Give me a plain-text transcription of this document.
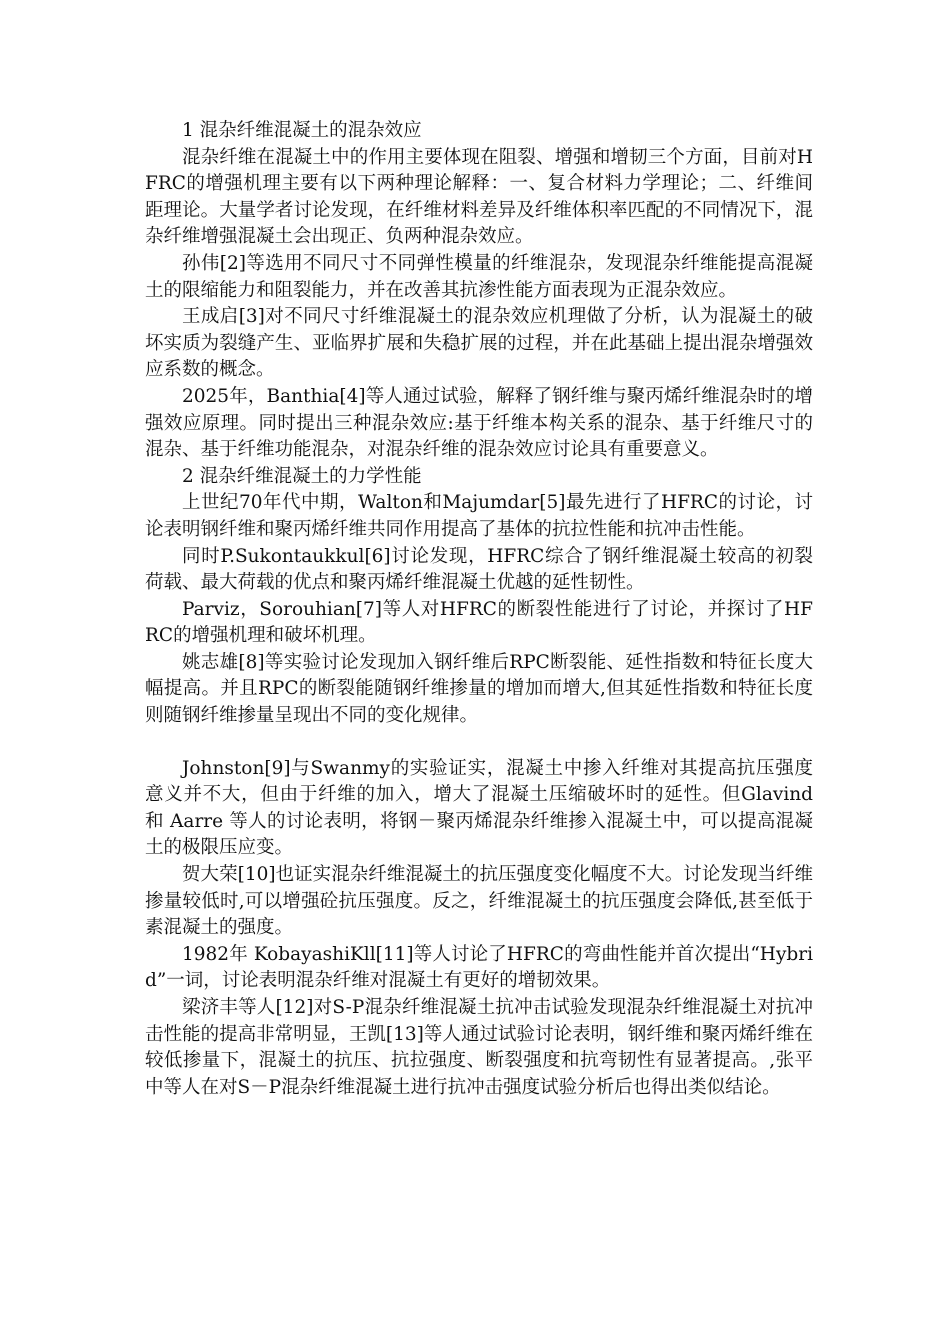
1 混杂纤维混凝土的混杂效应

混杂纤维在混凝土中的作用主要体现在阻裂、增强和增韧三个方面，目前对HFRC的增强机理主要有以下两种理论解释：一、复合材料力学理论；二、纤维间距理论。大量学者讨论发现，在纤维材料差异及纤维体积率匹配的不同情况下，混杂纤维增强混凝土会出现正、负两种混杂效应。

孙伟[2]等选用不同尺寸不同弹性模量的纤维混杂，发现混杂纤维能提高混凝土的限缩能力和阻裂能力，并在改善其抗渗性能方面表现为正混杂效应。

王成启[3]对不同尺寸纤维混凝土的混杂效应机理做了分析，认为混凝土的破坏实质为裂缝产生、亚临界扩展和失稳扩展的过程，并在此基础上提出混杂增强效应系数的概念。

2025年，Banthia[4]等人通过试验，解释了钢纤维与聚丙烯纤维混杂时的增强效应原理。同时提出三种混杂效应:基于纤维本构关系的混杂、基于纤维尺寸的混杂、基于纤维功能混杂，对混杂纤维的混杂效应讨论具有重要意义。

2 混杂纤维混凝土的力学性能

上世纪70年代中期，Walton和Majumdar[5]最先进行了HFRC的讨论，讨论表明钢纤维和聚丙烯纤维共同作用提高了基体的抗拉性能和抗冲击性能。

同时P.Sukontaukkul[6]讨论发现，HFRC综合了钢纤维混凝土较高的初裂荷载、最大荷载的优点和聚丙烯纤维混凝土优越的延性韧性。

Parviz，Sorouhian[7]等人对HFRC的断裂性能进行了讨论，并探讨了HFRC的增强机理和破坏机理。

姚志雄[8]等实验讨论发现加入钢纤维后RPC断裂能、延性指数和特征长度大幅提高。并且RPC的断裂能随钢纤维掺量的增加而增大,但其延性指数和特征长度则随钢纤维掺量呈现出不同的变化规律。

Johnston[9]与Swanmy的实验证实，混凝土中掺入纤维对其提高抗压强度意义并不大，但由于纤维的加入，增大了混凝土压缩破坏时的延性。但Glavind 和 Aarre 等人的讨论表明，将钢－聚丙烯混杂纤维掺入混凝土中，可以提高混凝土的极限压应变。

贺大荣[10]也证实混杂纤维混凝土的抗压强度变化幅度不大。讨论发现当纤维掺量较低时,可以增强砼抗压强度。反之，纤维混凝土的抗压强度会降低,甚至低于素混凝土的强度。

1982年 KobayashiKll[11]等人讨论了HFRC的弯曲性能并首次提出“Hybrid”一词，讨论表明混杂纤维对混凝土有更好的增韧效果。

梁济丰等人[12]对S-P混杂纤维混凝土抗冲击试验发现混杂纤维混凝土对抗冲击性能的提高非常明显，王凯[13]等人通过试验讨论表明，钢纤维和聚丙烯纤维在较低掺量下，混凝土的抗压、抗拉强度、断裂强度和抗弯韧性有显著提高。,张平中等人在对S－P混杂纤维混凝土进行抗冲击强度试验分析后也得出类似结论。
